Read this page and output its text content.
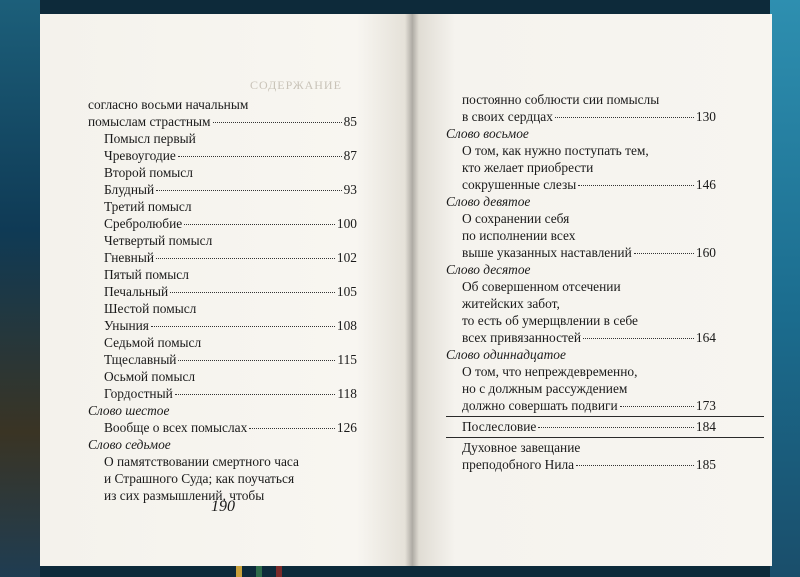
СОДЕРЖАНИЕ
согласно восьми начальным
помыслам страстным	85
Помысл первый
Чревоугодие	87
Второй помысл
Блудный	93
Третий помысл
Сребролюбие	100
Четвертый помысл
Гневный	102
Пятый помысл
Печальный	105
Шестой помысл
Уныния	108
Седьмой помысл
Тщеславный	115
Осьмой помысл
Гордостный	118
Слово шестое
Вообще о всех помыслах	126
Слово седьмое
О памятствовании смертного часа
и Страшного Суда; как поучаться
из сих размышлений, чтобы
постоянно соблюсти сии помыслы
в своих сердцах	130
Слово восьмое
О том, как нужно поступать тем,
кто желает приобрести
сокрушенные слезы	146
Слово девятое
О сохранении себя
по исполнении всех
выше указанных наставлений	160
Слово десятое
Об совершенном отсечении
житейских забот,
то есть об умерщвлении в себе
всех привязанностей	164
Слово одиннадцатое
О том, что непреждевременно,
но с должным рассуждением
должно совершать подвиги	173
Послесловие	184
Духовное завещание
преподобного Нила	185
190
